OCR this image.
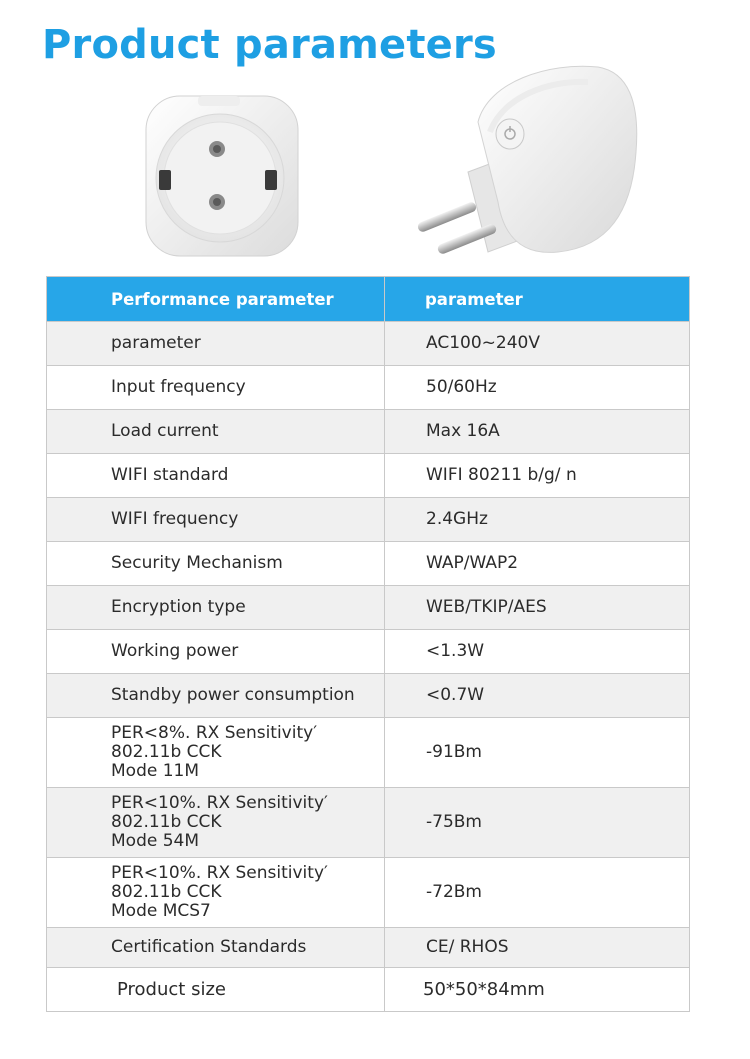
Product parameters
Performance parameter	parameter
parameter	AC100~240V
Input frequency	50/60Hz
Load current	Max 16A
WIFI standard	WIFI 80211 b/g/ n
WIFI frequency	2.4GHz
Security Mechanism	WAP/WAP2
Encryption type	WEB/TKIP/AES
Working power	<1.3W
Standby power consumption	<0.7W
PER<8%. RX Sensitivity′
802.11b CCK
Mode 11M	-91Bm
PER<10%. RX Sensitivity′
802.11b CCK
Mode 54M	-75Bm
PER<10%. RX Sensitivity′
802.11b CCK
Mode MCS7	-72Bm
Certification Standards	CE/ RHOS
Product size	50*50*84mm
